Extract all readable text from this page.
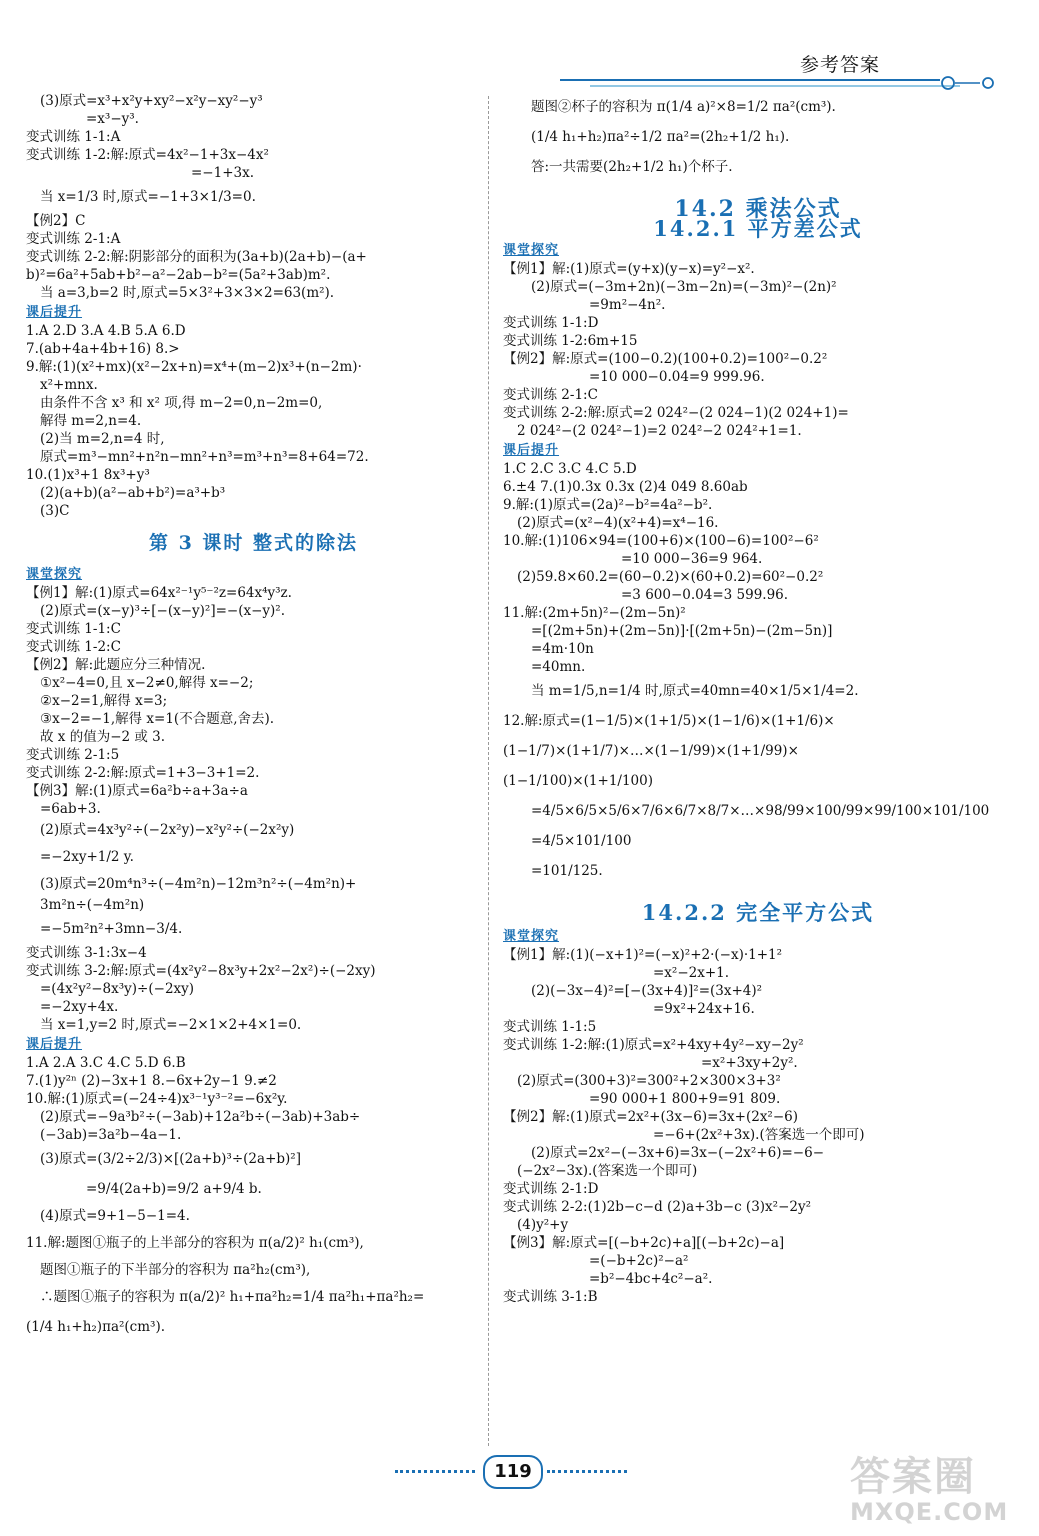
参考答案
(3)原式=x³+x²y+xy²−x²y−xy²−y³
=x³−y³.
变式训练 1-1:A
变式训练 1-2:解:原式=4x²−1+3x−4x²
=−1+3x.
当 x=1/3 时,原式=−1+3×1/3=0.
【例2】C
变式训练 2-1:A
变式训练 2-2:解:阴影部分的面积为(3a+b)(2a+b)−(a+
b)²=6a²+5ab+b²−a²−2ab−b²=(5a²+3ab)m².
当 a=3,b=2 时,原式=5×3²+3×3×2=63(m²).
课后提升
1.A 2.D 3.A 4.B 5.A 6.D
7.(ab+4a+4b+16) 8.>
9.解:(1)(x²+mx)(x²−2x+n)=x⁴+(m−2)x³+(n−2m)·
x²+mnx.
由条件不含 x³ 和 x² 项,得 m−2=0,n−2m=0,
解得 m=2,n=4.
(2)当 m=2,n=4 时,
原式=m³−mn²+n²n−mn²+n³=m³+n³=8+64=72.
10.(1)x³+1 8x³+y³
(2)(a+b)(a²−ab+b²)=a³+b³
(3)C
第 3 课时 整式的除法
课堂探究
【例1】解:(1)原式=64x²⁻¹y⁵⁻²z=64x⁴y³z.
(2)原式=(x−y)³÷[−(x−y)²]=−(x−y)².
变式训练 1-1:C
变式训练 1-2:C
【例2】解:此题应分三种情况.
①x²−4=0,且 x−2≠0,解得 x=−2;
②x−2=1,解得 x=3;
③x−2=−1,解得 x=1(不合题意,舍去).
故 x 的值为−2 或 3.
变式训练 2-1:5
变式训练 2-2:解:原式=1+3−3+1=2.
【例3】解:(1)原式=6a²b÷a+3a÷a
=6ab+3.
(2)原式=4x³y²÷(−2x²y)−x²y²÷(−2x²y)
=−2xy+1/2 y.
(3)原式=20m⁴n³÷(−4m²n)−12m³n²÷(−4m²n)+
3m²n÷(−4m²n)
=−5m²n²+3mn−3/4.
变式训练 3-1:3x−4
变式训练 3-2:解:原式=(4x²y²−8x³y+2x²−2x²)÷(−2xy)
=(4x²y²−8x³y)÷(−2xy)
=−2xy+4x.
当 x=1,y=2 时,原式=−2×1×2+4×1=0.
课后提升
1.A 2.A 3.C 4.C 5.D 6.B
7.(1)y²ⁿ (2)−3x+1 8.−6x+2y−1 9.≠2
10.解:(1)原式=(−24÷4)x³⁻¹y³⁻²=−6x²y.
(2)原式=−9a³b²÷(−3ab)+12a²b÷(−3ab)+3ab÷
(−3ab)=3a²b−4a−1.
(3)原式=(3/2÷2/3)×[(2a+b)³÷(2a+b)²]
=9/4(2a+b)=9/2 a+9/4 b.
(4)原式=9+1−5−1=4.
11.解:题图①瓶子的上半部分的容积为 π(a/2)² h₁(cm³),
题图①瓶子的下半部分的容积为 πa²h₂(cm³),
∴题图①瓶子的容积为 π(a/2)² h₁+πa²h₂=1/4 πa²h₁+πa²h₂=
(1/4 h₁+h₂)πa²(cm³).
题图②杯子的容积为 π(1/4 a)²×8=1/2 πa²(cm³).
(1/4 h₁+h₂)πa²÷1/2 πa²=(2h₂+1/2 h₁).
答:一共需要(2h₂+1/2 h₁)个杯子.
14.2 乘法公式
14.2.1 平方差公式
课堂探究
【例1】解:(1)原式=(y+x)(y−x)=y²−x².
(2)原式=(−3m+2n)(−3m−2n)=(−3m)²−(2n)²
=9m²−4n².
变式训练 1-1:D
变式训练 1-2:6m+15
【例2】解:原式=(100−0.2)(100+0.2)=100²−0.2²
=10 000−0.04=9 999.96.
变式训练 2-1:C
变式训练 2-2:解:原式=2 024²−(2 024−1)(2 024+1)=
2 024²−(2 024²−1)=2 024²−2 024²+1=1.
课后提升
1.C 2.C 3.C 4.C 5.D
6.±4 7.(1)0.3x 0.3x (2)4 049 8.60ab
9.解:(1)原式=(2a)²−b²=4a²−b².
(2)原式=(x²−4)(x²+4)=x⁴−16.
10.解:(1)106×94=(100+6)×(100−6)=100²−6²
=10 000−36=9 964.
(2)59.8×60.2=(60−0.2)×(60+0.2)=60²−0.2²
=3 600−0.04=3 599.96.
11.解:(2m+5n)²−(2m−5n)²
=[(2m+5n)+(2m−5n)]·[(2m+5n)−(2m−5n)]
=4m·10n
=40mn.
当 m=1/5,n=1/4 时,原式=40mn=40×1/5×1/4=2.
12.解:原式=(1−1/5)×(1+1/5)×(1−1/6)×(1+1/6)×
(1−1/7)×(1+1/7)×…×(1−1/99)×(1+1/99)×
(1−1/100)×(1+1/100)
=4/5×6/5×5/6×7/6×6/7×8/7×…×98/99×100/99×99/100×101/100
=4/5×101/100
=101/125.
14.2.2 完全平方公式
课堂探究
【例1】解:(1)(−x+1)²=(−x)²+2·(−x)·1+1²
=x²−2x+1.
(2)(−3x−4)²=[−(3x+4)]²=(3x+4)²
=9x²+24x+16.
变式训练 1-1:5
变式训练 1-2:解:(1)原式=x²+4xy+4y²−xy−2y²
=x²+3xy+2y².
(2)原式=(300+3)²=300²+2×300×3+3²
=90 000+1 800+9=91 809.
【例2】解:(1)原式=2x²+(3x−6)=3x+(2x²−6)
=−6+(2x²+3x).(答案选一个即可)
(2)原式=2x²−(−3x+6)=3x−(−2x²+6)=−6−
(−2x²−3x).(答案选一个即可)
变式训练 2-1:D
变式训练 2-2:(1)2b−c−d (2)a+3b−c (3)x²−2y²
(4)y²+y
【例3】解:原式=[(−b+2c)+a][(−b+2c)−a]
=(−b+2c)²−a²
=b²−4bc+4c²−a².
变式训练 3-1:B
119	答案圈
MXQE.COM
